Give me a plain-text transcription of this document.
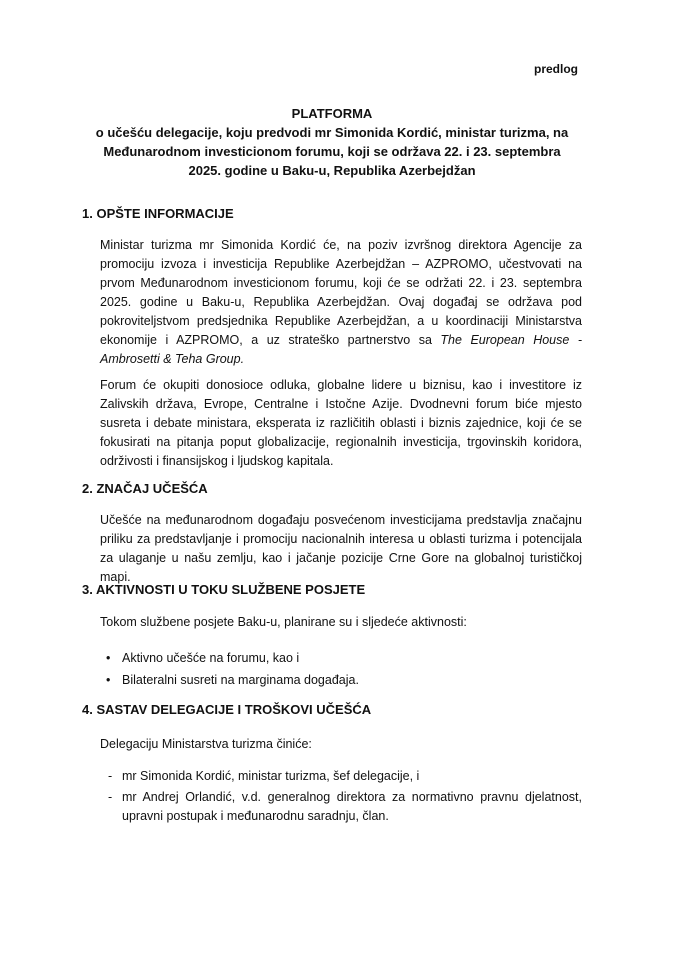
predlog
PLATFORMA
o učešću delegacije, koju predvodi mr Simonida Kordić, ministar turizma, na
Međunarodnom investicionom forumu, koji se održava 22. i 23. septembra
2025. godine u Baku-u, Republika Azerbejdžan
1. OPŠTE INFORMACIJE
Ministar turizma mr Simonida Kordić će, na poziv izvršnog direktora Agencije za promociju izvoza i investicija Republike Azerbejdžan – AZPROMO, učestvovati na prvom Međunarodnom investicionom forumu, koji će se održati 22. i 23. septembra 2025. godine u Baku-u, Republika Azerbejdžan. Ovaj događaj se održava pod pokroviteljstvom predsjednika Republike Azerbejdžan, a u koordinaciji Ministarstva ekonomije i AZPROMO, a uz strateško partnerstvo sa The European House - Ambrosetti & Teha Group.
Forum će okupiti donosioce odluka, globalne lidere u biznisu, kao i investitore iz Zalivskih država, Evrope, Centralne i Istočne Azije. Dvodnevni forum biće mjesto susreta i debate ministara, eksperata iz različitih oblasti i biznis zajednice, koji će se fokusirati na pitanja poput globalizacije, regionalnih investicija, trgovinskih koridora, održivosti i finansijskog i ljudskog kapitala.
2. ZNAČAJ UČEŠĆA
Učešće na međunarodnom događaju posvećenom investicijama predstavlja značajnu priliku za predstavljanje i promociju nacionalnih interesa u oblasti turizma i potencijala za ulaganje u našu zemlju, kao i jačanje pozicije Crne Gore na globalnoj turističkoj mapi.
3. AKTIVNOSTI U TOKU SLUŽBENE POSJETE
Tokom službene posjete Baku-u, planirane su i sljedeće aktivnosti:
• Aktivno učešće na forumu, kao i
• Bilateralni susreti na marginama događaja.
4. SASTAV DELEGACIJE I TROŠKOVI UČEŠĆA
Delegaciju Ministarstva turizma činiće:
- mr Simonida Kordić, ministar turizma, šef delegacije, i
- mr Andrej Orlandić, v.d. generalnog direktora za normativno pravnu djelatnost, upravni postupak i međunarodnu saradnju, član.
